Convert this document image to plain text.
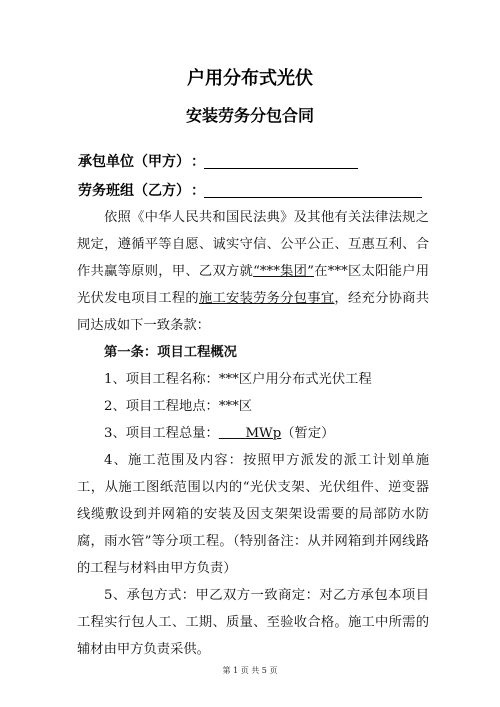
户用分布式光伏
安装劳务分包合同
承包单位（甲方） ：
劳务班组（乙方） ：
依照《中华人民共和国民法典》及其他有关法律法规之规定，遵循平等自愿、诚实守信、公平公正、互惠互利、合作共赢等原则，甲、乙双方就“***集团”在***区太阳能户用光伏发电项目工程的施工安装劳务分包事宜，经充分协商共同达成如下一致条款：
第一条：项目工程概况
1、项目工程名称：***区户用分布式光伏工程
2、项目工程地点：***区
3、项目工程总量：   MWp（暂定）
4、施工范围及内容：按照甲方派发的派工计划单施工，从施工图纸范围以内的“光伏支架、光伏组件、逆变器线缆敷设到并网箱的安装及因支架架设需要的局部防水防腐，雨水管”等分项工程。（特别备注：从并网箱到并网线路的工程与材料由甲方负责）
5、承包方式：甲乙双方一致商定：对乙方承包本项目工程实行包人工、工期、质量、至验收合格。施工中所需的辅材由甲方负责采供。
第 1 页 共 5 页
